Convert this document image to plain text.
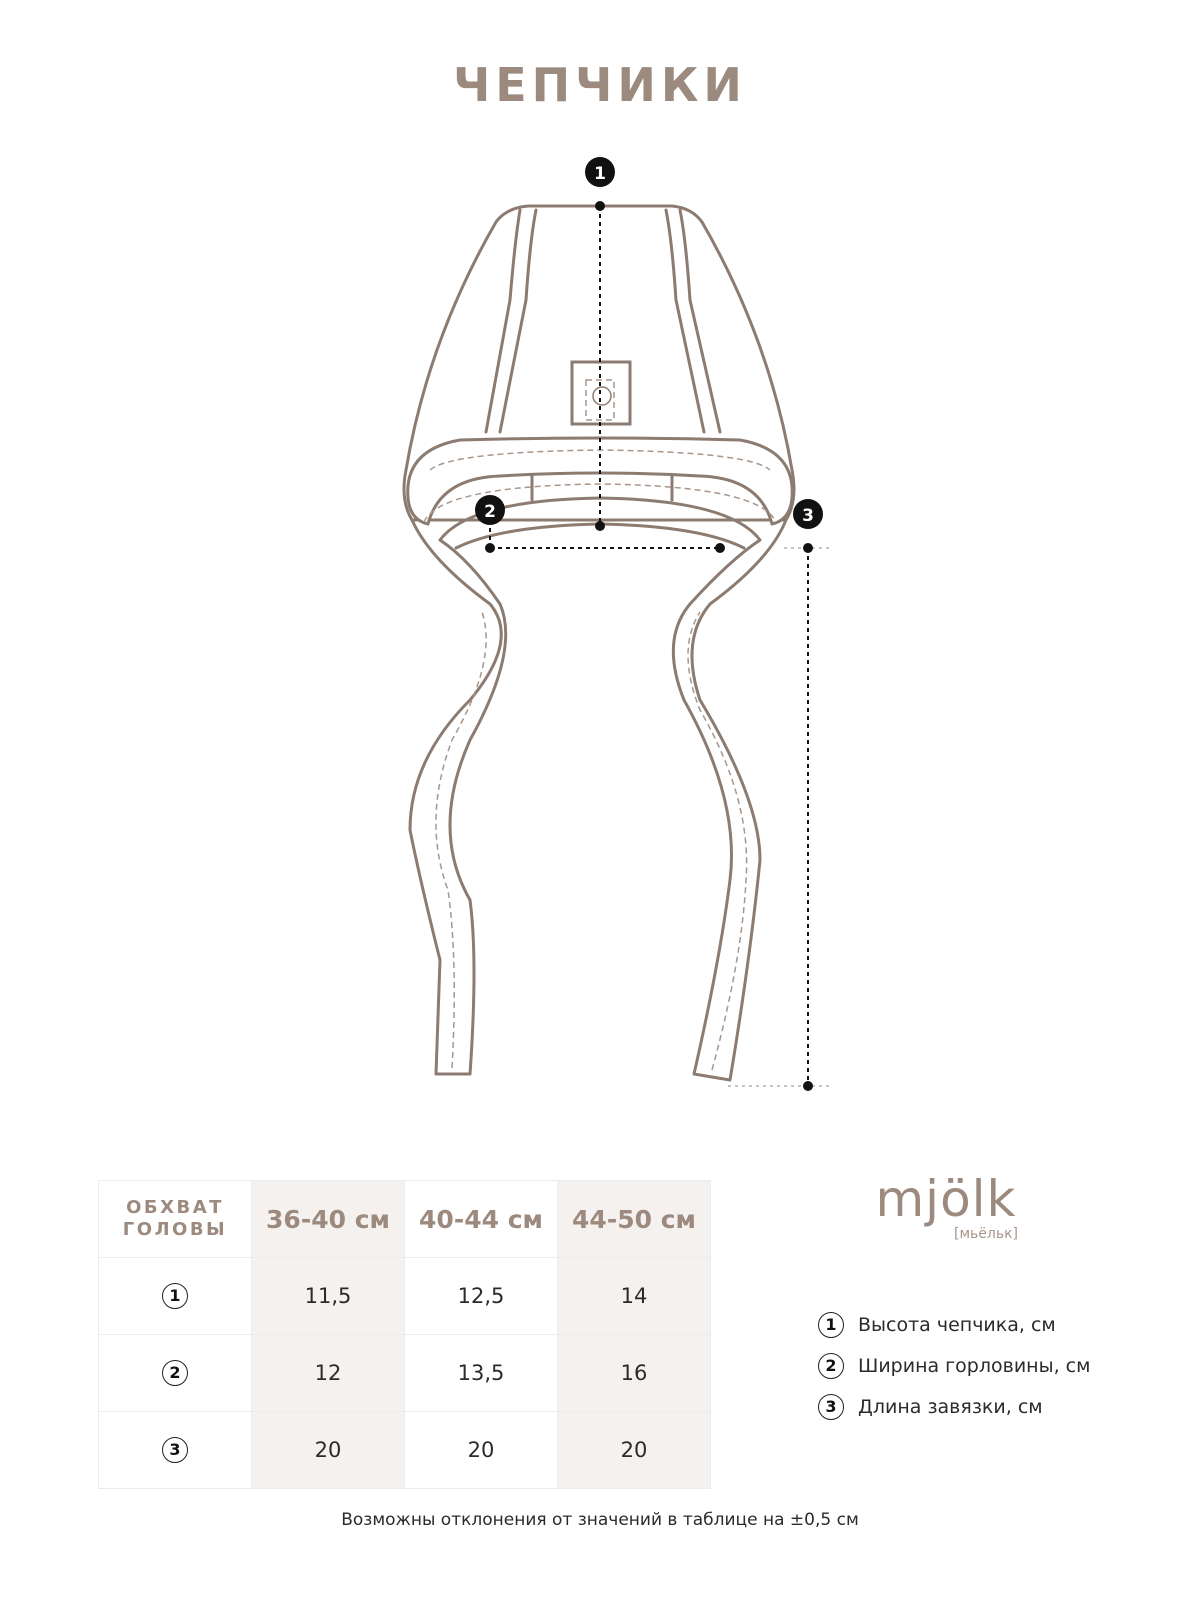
ЧЕПЧИКИ
1
2	3
ОБХВАТ ГОЛОВЫ	36-40 см	40-44 см	44-50 см
1	11,5	12,5	14
2	12	13,5	16
3	20	20	20
mjölk
[мьёльк]
1	Высота чепчика, см
2	Ширина горловины, см
3	Длина завязки, см
Возможны отклонения от значений в таблице на ±0,5 см
